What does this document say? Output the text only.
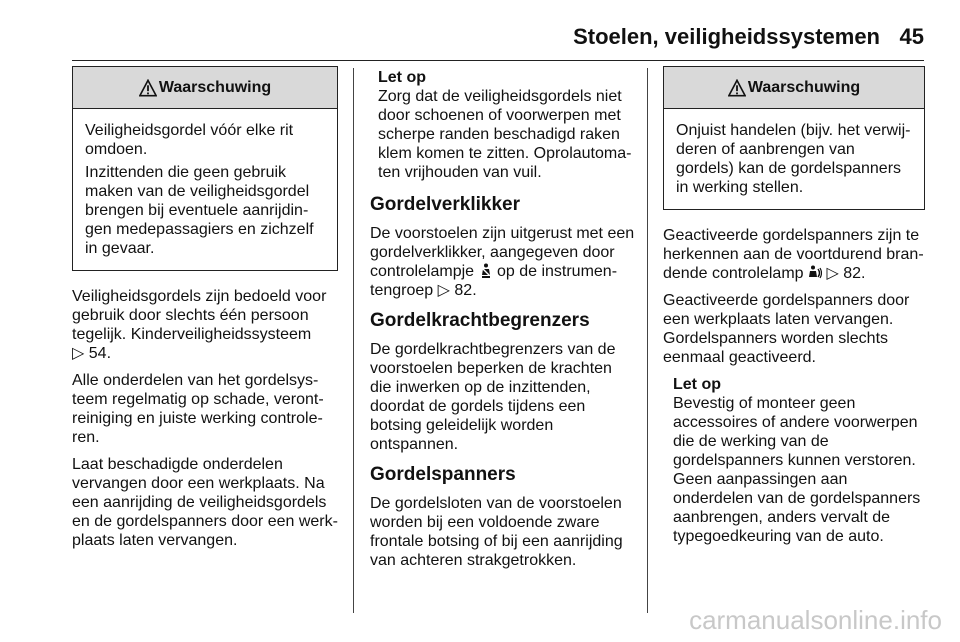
Stoelen, veiligheidssystemen 45
Waarschuwing

Veiligheidsgordel vóór elke rit omdoen.

Inzittenden die geen gebruik maken van de veiligheidsgordel brengen bij eventuele aanrijdingen medepassagiers en zichzelf in gevaar.

Veiligheidsgordels zijn bedoeld voor gebruik door slechts één persoon tegelijk. Kinderveiligheidssysteem
▷ 54.

Alle onderdelen van het gordelsysteem regelmatig op schade, verontreiniging en juiste werking controleren.

Laat beschadigde onderdelen vervangen door een werkplaats. Na een aanrijding de veiligheidsgordels en de gordelspanners door een werkplaats laten vervangen.

Let op
Zorg dat de veiligheidsgordels niet door schoenen of voorwerpen met scherpe randen beschadigd raken klem komen te zitten. Oprolautomaten vrijhouden van vuil.
Gordelverklikker

De voorstoelen zijn uitgerust met een gordelverklikker, aangegeven door controlelampje op de instrumentengroep ▷ 82.

Gordelkrachtbegrenzers

De gordelkrachtbegrenzers van de voorstoelen beperken de krachten die inwerken op de inzittenden, doordat de gordels tijdens een botsing geleidelijk worden ontspannen.

Gordelspanners

De gordelsloten van de voorstoelen worden bij een voldoende zware frontale botsing of bij een aanrijding van achteren strakgetrokken.

Waarschuwing

Onjuist handelen (bijv. het verwijderen of aanbrengen van gordels) kan de gordelspanners in werking stellen.

Geactiveerde gordelspanners zijn te herkennen aan de voortdurend brandende controlelamp ▷ 82.

Geactiveerde gordelspanners door een werkplaats laten vervangen. Gordelspanners worden slechts eenmaal geactiveerd.

Let op
Bevestig of monteer geen accessoires of andere voorwerpen die de werking van de gordelspanners kunnen verstoren. Geen aanpassingen aan onderdelen van de gordelspanners aanbrengen, anders vervalt de typegoedkeuring van de auto.
carmanualsonline.info
